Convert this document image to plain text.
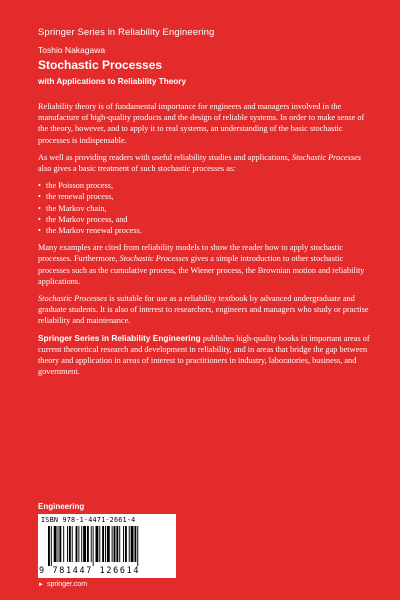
Springer Series in Reliability Engineering
Toshio Nakagawa
Stochastic Processes
with Applications to Reliability Theory

Reliability theory is of fundamental importance for engineers and managers involved in the manufacture of high-quality products and the design of reliable systems. In order to make sense of the theory, however, and to apply it to real systems, an understanding of the basic stochastic processes is indispensable.

As well as providing readers with useful reliability studies and applications, Stochastic Processes also gives a basic treatment of such stochastic processes as:

• the Poisson process,
• the renewal process,
• the Markov chain,
• the Markov process, and
• the Markov renewal process.

Many examples are cited from reliability models to show the reader how to apply stochastic processes. Furthermore, Stochastic Processes gives a simple introduction to other stochastic processes such as the cumulative process, the Wiener process, the Brownian motion and reliability applications.

Stochastic Processes is suitable for use as a reliability textbook by advanced undergraduate and graduate students. It is also of interest to researchers, engineers and managers who study or practise reliability and maintenance.

Springer Series in Reliability Engineering publishes high-quality books in important areas of current theoretical research and development in reliability, and in areas that bridge the gap between theory and application in areas of interest to practitioners in industry, laboratories, business, and government.

Engineering
ISBN 978-1-4471-2661-4
9 781447 126614
► springer.com
